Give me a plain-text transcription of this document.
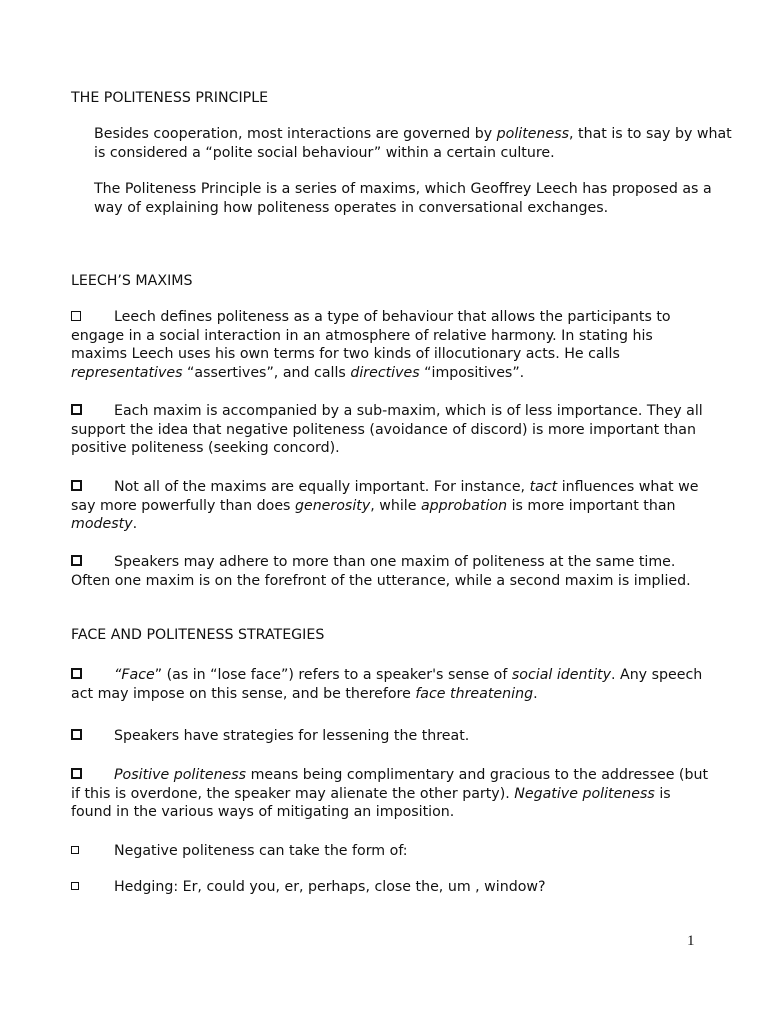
THE POLITENESS PRINCIPLE
Besides cooperation, most interactions are governed by politeness, that is to say by what is considered a “polite social behaviour” within a certain culture.
The Politeness Principle is a series of maxims, which Geoffrey Leech has proposed as a way of explaining how politeness operates in conversational exchanges.
LEECH’S MAXIMS
Leech defines politeness as a type of behaviour that allows the participants to engage in a social interaction in an atmosphere of relative harmony. In stating his maxims Leech uses his own terms for two kinds of illocutionary acts. He calls representatives “assertives”, and calls directives “impositives”.
Each maxim is accompanied by a sub-maxim, which is of less importance. They all support the idea that negative politeness (avoidance of discord) is more important than positive politeness (seeking concord).
Not all of the maxims are equally important. For instance, tact influences what we say more powerfully than does generosity, while approbation is more important than modesty.
Speakers may adhere to more than one maxim of politeness at the same time. Often one maxim is on the forefront of the utterance, while a second maxim is implied.
FACE AND POLITENESS STRATEGIES
“Face” (as in “lose face”) refers to a speaker's sense of social identity. Any speech act may impose on this sense, and be therefore face threatening.
Speakers have strategies for lessening the threat.
Positive politeness means being complimentary and gracious to the addressee (but if this is overdone, the speaker may alienate the other party). Negative politeness is found in the various ways of mitigating an imposition.
Negative politeness can take the form of:
Hedging: Er, could you, er, perhaps, close the, um , window?
1
